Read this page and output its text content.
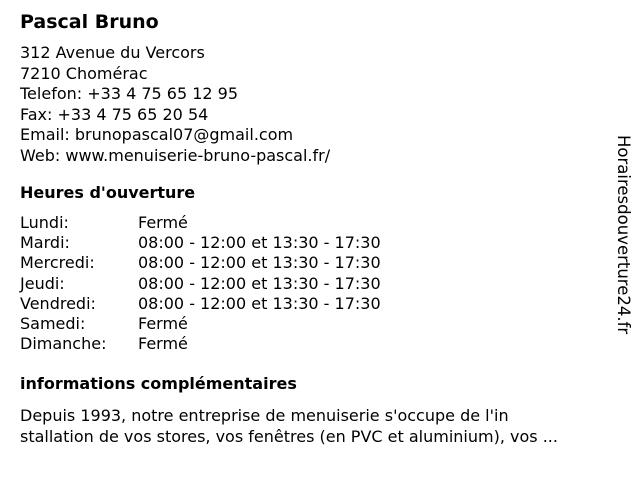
Pascal Bruno
312 Avenue du Vercors
7210 Chomérac
Telefon: +33 4 75 65 12 95
Fax: +33 4 75 65 20 54
Email: brunopascal07@gmail.com
Web: www.menuiserie-bruno-pascal.fr/
Heures d'ouverture
Lundi:	Fermé
Mardi:	08:00 - 12:00 et 13:30 - 17:30
Mercredi:	08:00 - 12:00 et 13:30 - 17:30
Jeudi:	08:00 - 12:00 et 13:30 - 17:30
Vendredi:	08:00 - 12:00 et 13:30 - 17:30
Samedi:	Fermé
Dimanche: Fermé
informations complémentaires
Depuis 1993, notre entreprise de menuiserie s'occupe de l'in
stallation de vos stores, vos fenêtres (en PVC et aluminium), vos ...
Horairesdouverture24.fr
